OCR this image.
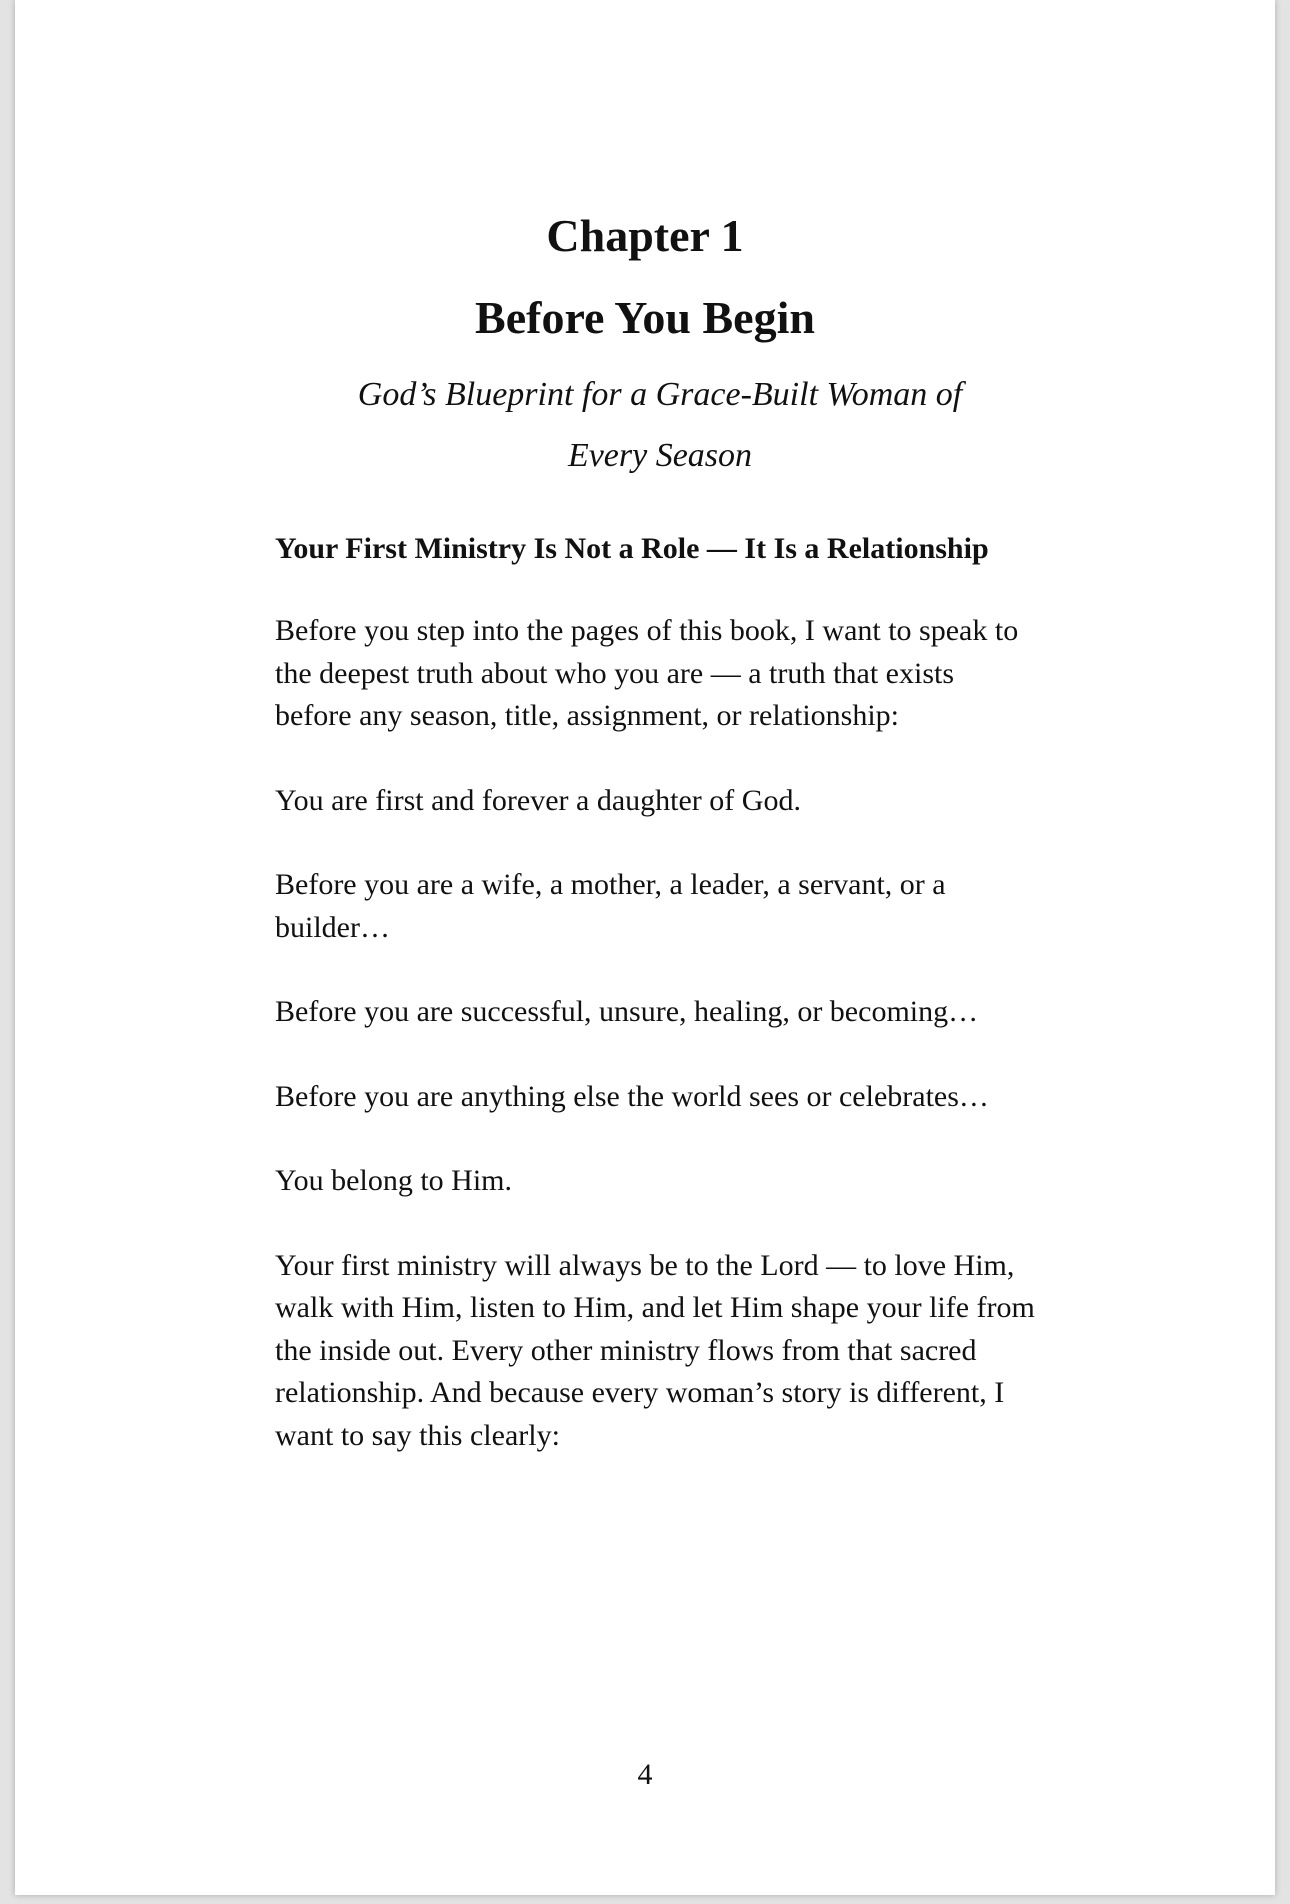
Chapter 1
Before You Begin

God’s Blueprint for a Grace-Built Woman of Every Season

Your First Ministry Is Not a Role — It Is a Relationship

Before you step into the pages of this book, I want to speak to the deepest truth about who you are — a truth that exists before any season, title, assignment, or relationship:

You are first and forever a daughter of God.

Before you are a wife, a mother, a leader, a servant, or a builder…

Before you are successful, unsure, healing, or becoming…

Before you are anything else the world sees or celebrates…

You belong to Him.

Your first ministry will always be to the Lord — to love Him, walk with Him, listen to Him, and let Him shape your life from the inside out. Every other ministry flows from that sacred relationship. And because every woman’s story is different, I want to say this clearly:

4
